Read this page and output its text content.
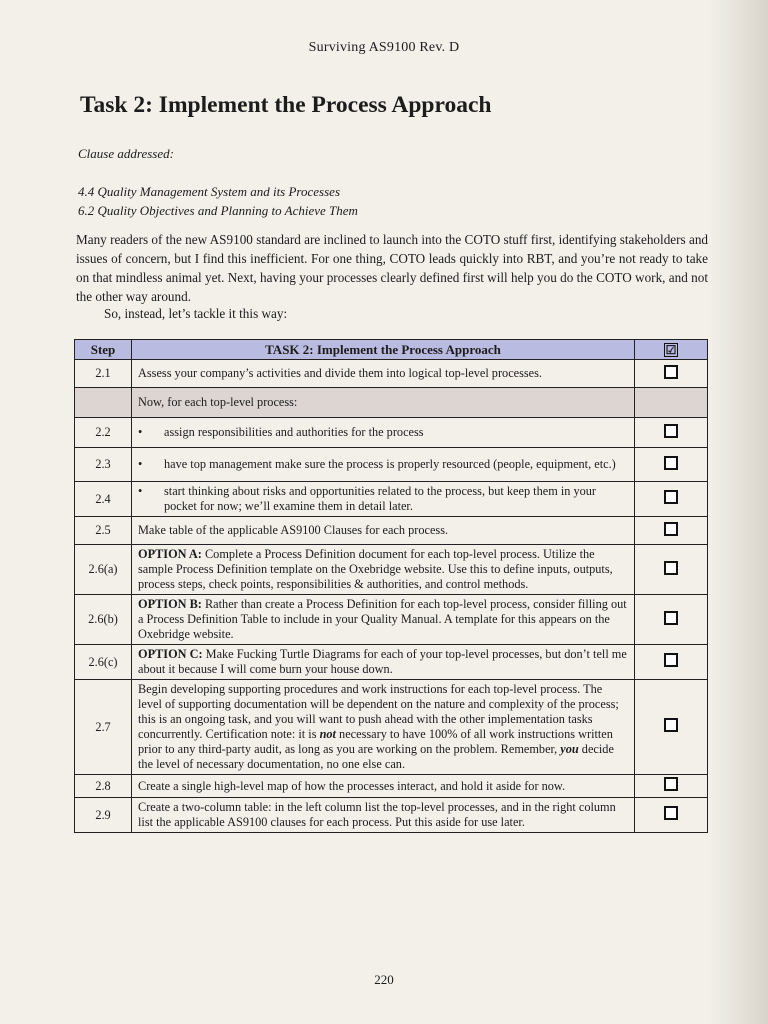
Surviving AS9100 Rev. D
Task 2: Implement the Process Approach
Clause addressed:
4.4 Quality Management System and its Processes
6.2 Quality Objectives and Planning to Achieve Them

Many readers of the new AS9100 standard are inclined to launch into the COTO stuff first, identifying stakeholders and issues of concern, but I find this inefficient. For one thing, COTO leads quickly into RBT, and you’re not ready to take on that mindless animal yet. Next, having your processes clearly defined first will help you do the COTO work, and not the other way around.

So, instead, let’s tackle it this way:
Step	TASK 2: Implement the Process Approach	☑
2.1	Assess your company’s activities and divide them into logical top-level processes.	
	Now, for each top-level process:	
2.2	• assign responsibilities and authorities for the process

2.3	• have top management make sure the process is properly resourced (people, equipment, etc.)

2.4	• start thinking about risks and opportunities related to the process, but keep them in your pocket for now; we’ll examine them in detail later.

2.5	Make table of the applicable AS9100 Clauses for each process.	
2.6(a)	OPTION A: Complete a Process Definition document for each top-level process. Utilize the sample Process Definition template on the Oxebridge website. Use this to define inputs, outputs, process steps, check points, responsibilities & authorities, and control methods.	
2.6(b)	OPTION B: Rather than create a Process Definition for each top-level process, consider filling out a Process Definition Table to include in your Quality Manual. A template for this appears on the Oxebridge website.	
2.6(c)	OPTION C: Make Fucking Turtle Diagrams for each of your top-level processes, but don’t tell me about it because I will come burn your house down.	
2.7	Begin developing supporting procedures and work instructions for each top-level process. The level of supporting documentation will be dependent on the nature and complexity of the process; this is an ongoing task, and you will want to push ahead with the other implementation tasks concurrently. Certification note: it is not necessary to have 100% of all work instructions written prior to any third-party audit, as long as you are working on the problem. Remember, you decide the level of necessary documentation, no one else can.	
2.8	Create a single high-level map of how the processes interact, and hold it aside for now.	
2.9	Create a two-column table: in the left column list the top-level processes, and in the right column list the applicable AS9100 clauses for each process. Put this aside for use later.	
220
